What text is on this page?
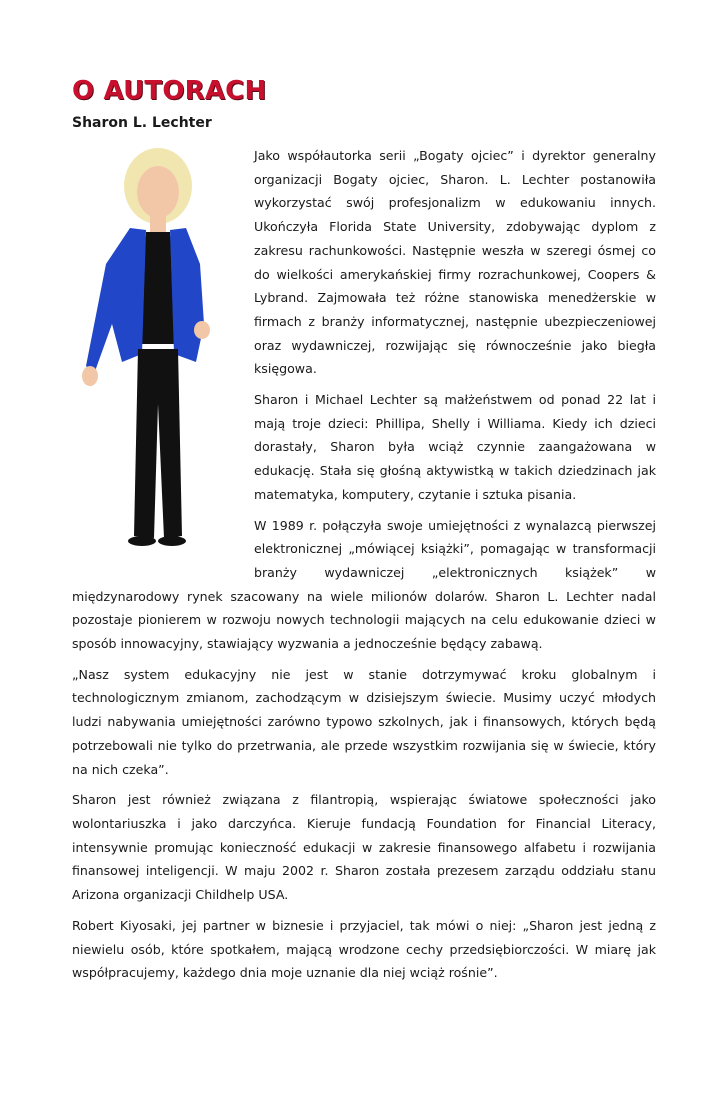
O AUTORACH
Sharon L. Lechter

Jako współautorka serii „Bogaty ojciec” i dyrektor generalny organizacji Bogaty ojciec, Sharon. L. Lechter postanowiła wykorzystać swój profesjonalizm w edukowaniu innych. Ukończyła Florida State University, zdobywając dyplom z zakresu rachunkowości. Następnie weszła w szeregi ósmej co do wielkości amerykańskiej firmy rozrachunkowej, Coopers & Lybrand. Zajmowała też różne stanowiska menedżerskie w firmach z branży informatycznej, następnie ubezpieczeniowej oraz wydawniczej, rozwijając się równocześnie jako biegła księgowa.

Sharon i Michael Lechter są małżeństwem od ponad 22 lat i mają troje dzieci: Phillipa, Shelly i Williama. Kiedy ich dzieci dorastały, Sharon była wciąż czynnie zaangażowana w edukację. Stała się głośną aktywistką w takich dziedzinach jak matematyka, komputery, czytanie i sztuka pisania.

W 1989 r. połączyła swoje umiejętności z wynalazcą pierwszej elektronicznej „mówiącej książki”, pomagając w transformacji branży wydawniczej „elektronicznych książek” w międzynarodowy rynek szacowany na wiele milionów dolarów. Sharon L. Lechter nadal pozostaje pionierem w rozwoju nowych technologii mających na celu edukowanie dzieci w sposób innowacyjny, stawiający wyzwania a jednocześnie będący zabawą.

„Nasz system edukacyjny nie jest w stanie dotrzymywać kroku globalnym i technologicznym zmianom, zachodzącym w dzisiejszym świecie. Musimy uczyć młodych ludzi nabywania umiejętności zarówno typowo szkolnych, jak i finansowych, których będą potrzebowali nie tylko do przetrwania, ale przede wszystkim rozwijania się w świecie, który na nich czeka”.

Sharon jest również związana z filantropią, wspierając światowe społeczności jako wolontariuszka i jako darczyńca. Kieruje fundacją Foundation for Financial Literacy, intensywnie promując konieczność edukacji w zakresie finansowego alfabetu i rozwijania finansowej inteligencji. W maju 2002 r. Sharon została prezesem zarządu oddziału stanu Arizona organizacji Childhelp USA.

Robert Kiyosaki, jej partner w biznesie i przyjaciel, tak mówi o niej: „Sharon jest jedną z niewielu osób, które spotkałem, mającą wrodzone cechy przedsiębiorczości. W miarę jak współpracujemy, każdego dnia moje uznanie dla niej wciąż rośnie”.
